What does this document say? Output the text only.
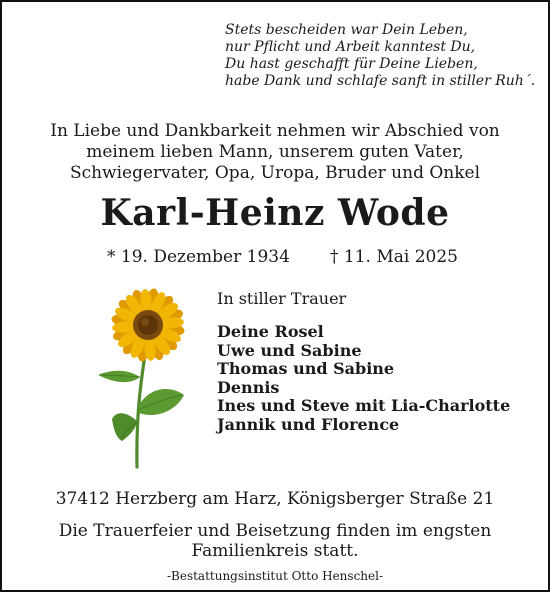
Stets bescheiden war Dein Leben,
nur Pflicht und Arbeit kanntest Du,
Du hast geschafft für Deine Lieben,
habe Dank und schlafe sanft in stiller Ruh´.
In Liebe und Dankbarkeit nehmen wir Abschied von
meinem lieben Mann, unserem guten Vater,
Schwiegervater, Opa, Uropa, Bruder und Onkel
Karl-Heinz Wode
* 19. Dezember 1934 † 11. Mai 2025
In stiller Trauer
Deine Rosel
Uwe und Sabine
Thomas und Sabine
Dennis
Ines und Steve mit Lia-Charlotte
Jannik und Florence
37412 Herzberg am Harz, Königsberger Straße 21
Die Trauerfeier und Beisetzung finden im engsten
Familienkreis statt.
-Bestattungsinstitut Otto Henschel-
